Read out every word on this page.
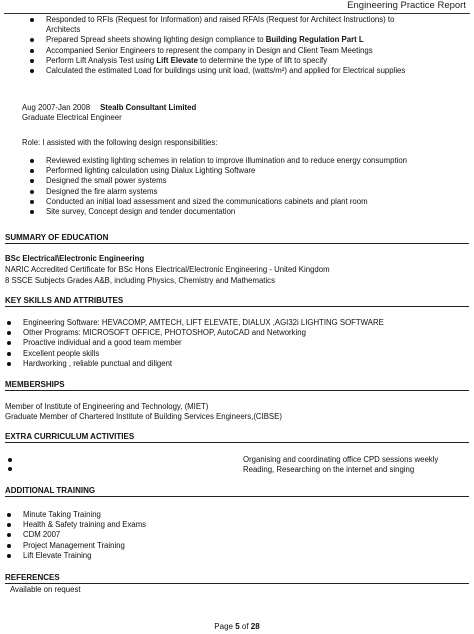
Engineering Practice Report
Responded to RFIs (Request for Information) and raised RFAIs (Request for Architect Instructions) to
Architects
Prepared Spread sheets showing lighting design compliance to Building Regulation Part L
Accompanied Senior Engineers to represent the company in Design and Client Team Meetings
Perform Lift Analysis Test using Lift Elevate to determine the type of lift to specify
Calculated the estimated Load for buildings using unit load, (watts/m²) and applied for Electrical supplies
Aug 2007-Jan 2008 Stealb Consultant Limited
Graduate Electrical Engineer
Role: I assisted with the following design responsibilities:
Reviewed existing lighting schemes in relation to improve illumination and to reduce energy consumption
Performed lighting calculation using Dialux Lighting Software
Designed the small power systems
Designed the fire alarm systems
Conducted an initial load assessment and sized the communications cabinets and plant room
Site survey, Concept design and tender documentation
SUMMARY OF EDUCATION
BSc Electrical\Electronic Engineering
NARIC Accredited Certificate for BSc Hons Electrical/Electronic Engineering - United Kingdom
8 SSCE Subjects Grades A&B, including Physics, Chemistry and Mathematics
KEY SKILLS AND ATTRIBUTES
Engineering Software: HEVACOMP, AMTECH, LIFT ELEVATE, DIALUX ,AGI32i LIGHTING SOFTWARE
Other Programs: MICROSOFT OFFICE, PHOTOSHOP, AutoCAD and Networking
Proactive individual and a good team member
Excellent people skills
Hardworking , reliable punctual and diligent
MEMBERSHIPS
Member of Institute of Engineering and Technology, (MIET)
Graduate Member of Chartered Institute of Building Services Engineers,(CIBSE)
EXTRA CURRICULUM ACTIVITIES
Organising and coordinating office CPD sessions weekly
Reading, Researching on the internet and singing
ADDITIONAL TRAINING
Minute Taking Training
Health & Safety training and Exams
CDM 2007
Project Management Training
Lift Elevate Training
REFERENCES
Available on request
Page 5 of 28
